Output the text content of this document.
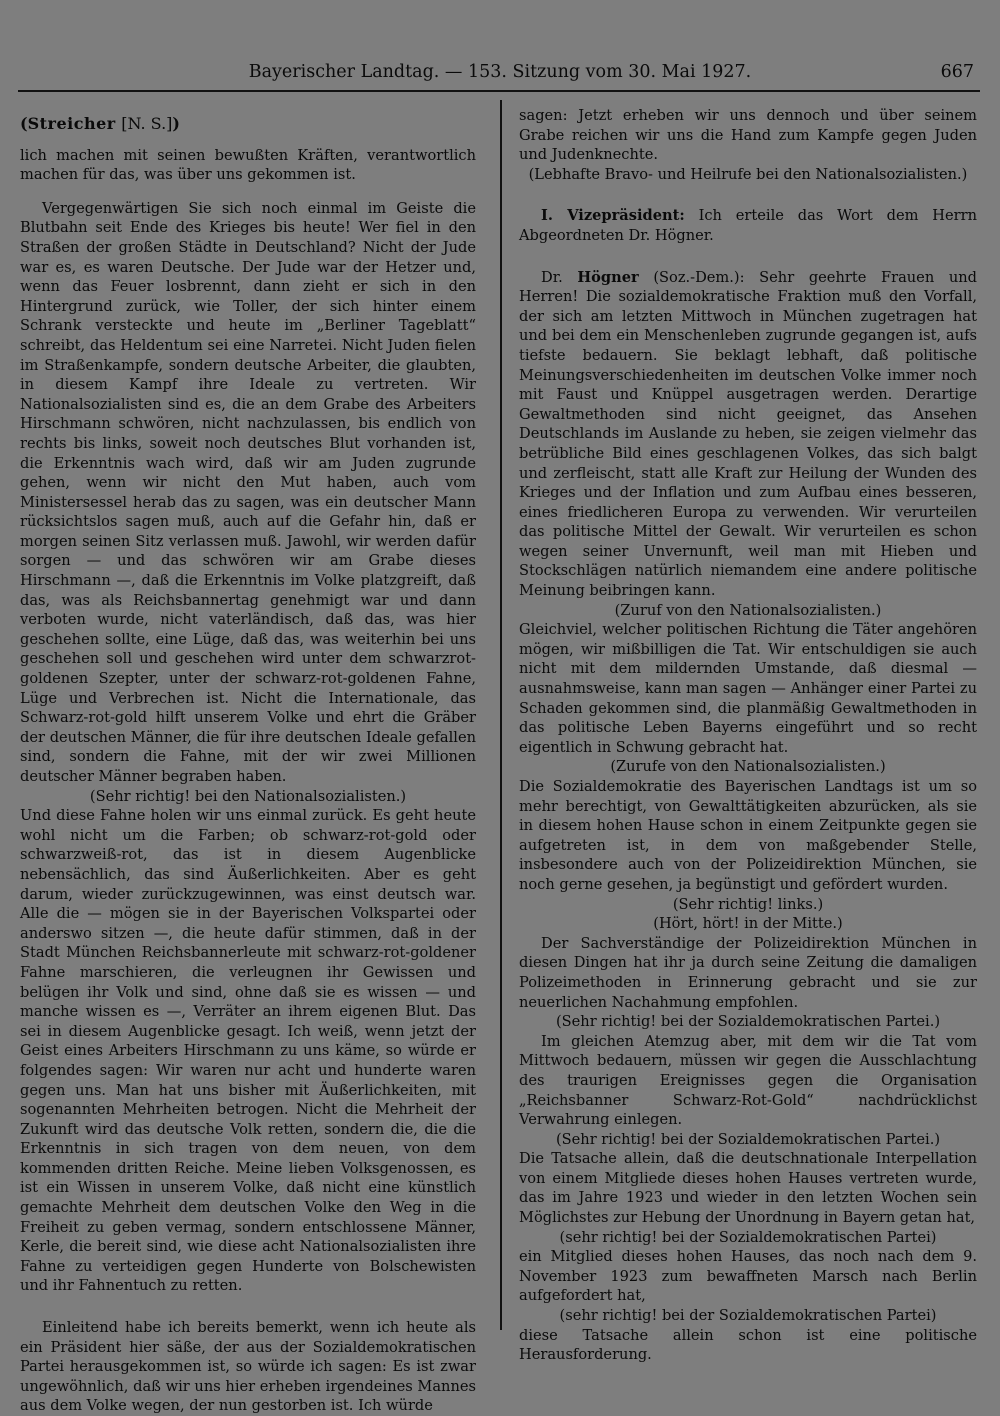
Bayerischer Landtag. — 153. Sitzung vom 30. Mai 1927.	667
(Streicher [N. S.])

lich machen mit seinen bewußten Kräften, verantwortlich machen für das, was über uns gekommen ist.

Vergegenwärtigen Sie sich noch einmal im Geiste die Blutbahn seit Ende des Krieges bis heute! Wer fiel in den Straßen der großen Städte in Deutschland? Nicht der Jude war es, es waren Deutsche. Der Jude war der Hetzer und, wenn das Feuer losbrennt, dann zieht er sich in den Hintergrund zurück, wie Toller, der sich hinter einem Schrank versteckte und heute im „Berliner Tageblatt“ schreibt, das Heldentum sei eine Narretei. Nicht Juden fielen im Straßenkampfe, sondern deutsche Arbeiter, die glaubten, in diesem Kampf ihre Ideale zu vertreten. Wir Nationalsozialisten sind es, die an dem Grabe des Arbeiters Hirschmann schwören, nicht nachzulassen, bis endlich von rechts bis links, soweit noch deutsches Blut vorhanden ist, die Erkenntnis wach wird, daß wir am Juden zugrunde gehen, wenn wir nicht den Mut haben, auch vom Ministersessel herab das zu sagen, was ein deutscher Mann rücksichtslos sagen muß, auch auf die Gefahr hin, daß er morgen seinen Sitz verlassen muß. Jawohl, wir werden dafür sorgen — und das schwören wir am Grabe dieses Hirschmann —, daß die Erkenntnis im Volke platzgreift, daß das, was als Reichsbannertag genehmigt war und dann verboten wurde, nicht vaterländisch, daß das, was hier geschehen sollte, eine Lüge, daß das, was weiterhin bei uns geschehen soll und geschehen wird unter dem schwarzrot-goldenen Szepter, unter der schwarz-rot-goldenen Fahne, Lüge und Verbrechen ist. Nicht die Internationale, das Schwarz-rot-gold hilft unserem Volke und ehrt die Gräber der deutschen Männer, die für ihre deutschen Ideale gefallen sind, sondern die Fahne, mit der wir zwei Millionen deutscher Männer begraben haben.

(Sehr richtig! bei den Nationalsozialisten.)

Und diese Fahne holen wir uns einmal zurück. Es geht heute wohl nicht um die Farben; ob schwarz-rot-gold oder schwarzweiß-rot, das ist in diesem Augenblicke nebensächlich, das sind Äußerlichkeiten. Aber es geht darum, wieder zurückzugewinnen, was einst deutsch war. Alle die — mögen sie in der Bayerischen Volkspartei oder anderswo sitzen —, die heute dafür stimmen, daß in der Stadt München Reichsbannerleute mit schwarz-rot-goldener Fahne marschieren, die verleugnen ihr Gewissen und belügen ihr Volk und sind, ohne daß sie es wissen — und manche wissen es —, Verräter an ihrem eigenen Blut. Das sei in diesem Augenblicke gesagt. Ich weiß, wenn jetzt der Geist eines Arbeiters Hirschmann zu uns käme, so würde er folgendes sagen: Wir waren nur acht und hunderte waren gegen uns. Man hat uns bisher mit Äußerlichkeiten, mit sogenannten Mehrheiten betrogen. Nicht die Mehrheit der Zukunft wird das deutsche Volk retten, sondern die, die die Erkenntnis in sich tragen von dem neuen, von dem kommenden dritten Reiche. Meine lieben Volksgenossen, es ist ein Wissen in unserem Volke, daß nicht eine künstlich gemachte Mehrheit dem deutschen Volke den Weg in die Freiheit zu geben vermag, sondern entschlossene Männer, Kerle, die bereit sind, wie diese acht Nationalsozialisten ihre Fahne zu verteidigen gegen Hunderte von Bolschewisten und ihr Fahnentuch zu retten.

Einleitend habe ich bereits bemerkt, wenn ich heute als ein Präsident hier säße, der aus der Sozialdemokratischen Partei herausgekommen ist, so würde ich sagen: Es ist zwar ungewöhnlich, daß wir uns hier erheben irgendeines Mannes aus dem Volke wegen, der nun gestorben ist. Ich würde

sagen: Jetzt erheben wir uns dennoch und über seinem Grabe reichen wir uns die Hand zum Kampfe gegen Juden und Judenknechte.

(Lebhafte Bravo- und Heilrufe bei den Nationalsozialisten.)

I. Vizepräsident: Ich erteile das Wort dem Herrn Abgeordneten Dr. Högner.

Dr. Högner (Soz.-Dem.): Sehr geehrte Frauen und Herren! Die sozialdemokratische Fraktion muß den Vorfall, der sich am letzten Mittwoch in München zugetragen hat und bei dem ein Menschenleben zugrunde gegangen ist, aufs tiefste bedauern. Sie beklagt lebhaft, daß politische Meinungsverschiedenheiten im deutschen Volke immer noch mit Faust und Knüppel ausgetragen werden. Derartige Gewaltmethoden sind nicht geeignet, das Ansehen Deutschlands im Auslande zu heben, sie zeigen vielmehr das betrübliche Bild eines geschlagenen Volkes, das sich balgt und zerfleischt, statt alle Kraft zur Heilung der Wunden des Krieges und der Inflation und zum Aufbau eines besseren, eines friedlicheren Europa zu verwenden. Wir verurteilen das politische Mittel der Gewalt. Wir verurteilen es schon wegen seiner Unvernunft, weil man mit Hieben und Stockschlägen natürlich niemandem eine andere politische Meinung beibringen kann.

(Zuruf von den Nationalsozialisten.)

Gleichviel, welcher politischen Richtung die Täter angehören mögen, wir mißbilligen die Tat. Wir entschuldigen sie auch nicht mit dem mildernden Umstande, daß diesmal — ausnahmsweise, kann man sagen — Anhänger einer Partei zu Schaden gekommen sind, die planmäßig Gewaltmethoden in das politische Leben Bayerns eingeführt und so recht eigentlich in Schwung gebracht hat.

(Zurufe von den Nationalsozialisten.)

Die Sozialdemokratie des Bayerischen Landtags ist um so mehr berechtigt, von Gewalttätigkeiten abzurücken, als sie in diesem hohen Hause schon in einem Zeitpunkte gegen sie aufgetreten ist, in dem von maßgebender Stelle, insbesondere auch von der Polizeidirektion München, sie noch gerne gesehen, ja begünstigt und gefördert wurden.

(Sehr richtig! links.)

(Hört, hört! in der Mitte.)

Der Sachverständige der Polizeidirektion München in diesen Dingen hat ihr ja durch seine Zeitung die damaligen Polizeimethoden in Erinnerung gebracht und sie zur neuerlichen Nachahmung empfohlen.

(Sehr richtig! bei der Sozialdemokratischen Partei.)

Im gleichen Atemzug aber, mit dem wir die Tat vom Mittwoch bedauern, müssen wir gegen die Ausschlachtung des traurigen Ereignisses gegen die Organisation „Reichsbanner Schwarz-Rot-Gold“ nachdrücklichst Verwahrung einlegen.

(Sehr richtig! bei der Sozialdemokratischen Partei.)

Die Tatsache allein, daß die deutschnationale Interpellation von einem Mitgliede dieses hohen Hauses vertreten wurde, das im Jahre 1923 und wieder in den letzten Wochen sein Möglichstes zur Hebung der Unordnung in Bayern getan hat,

(sehr richtig! bei der Sozialdemokratischen Partei)

ein Mitglied dieses hohen Hauses, das noch nach dem 9. November 1923 zum bewaffneten Marsch nach Berlin aufgefordert hat,

(sehr richtig! bei der Sozialdemokratischen Partei)

diese Tatsache allein schon ist eine politische Herausforderung.
